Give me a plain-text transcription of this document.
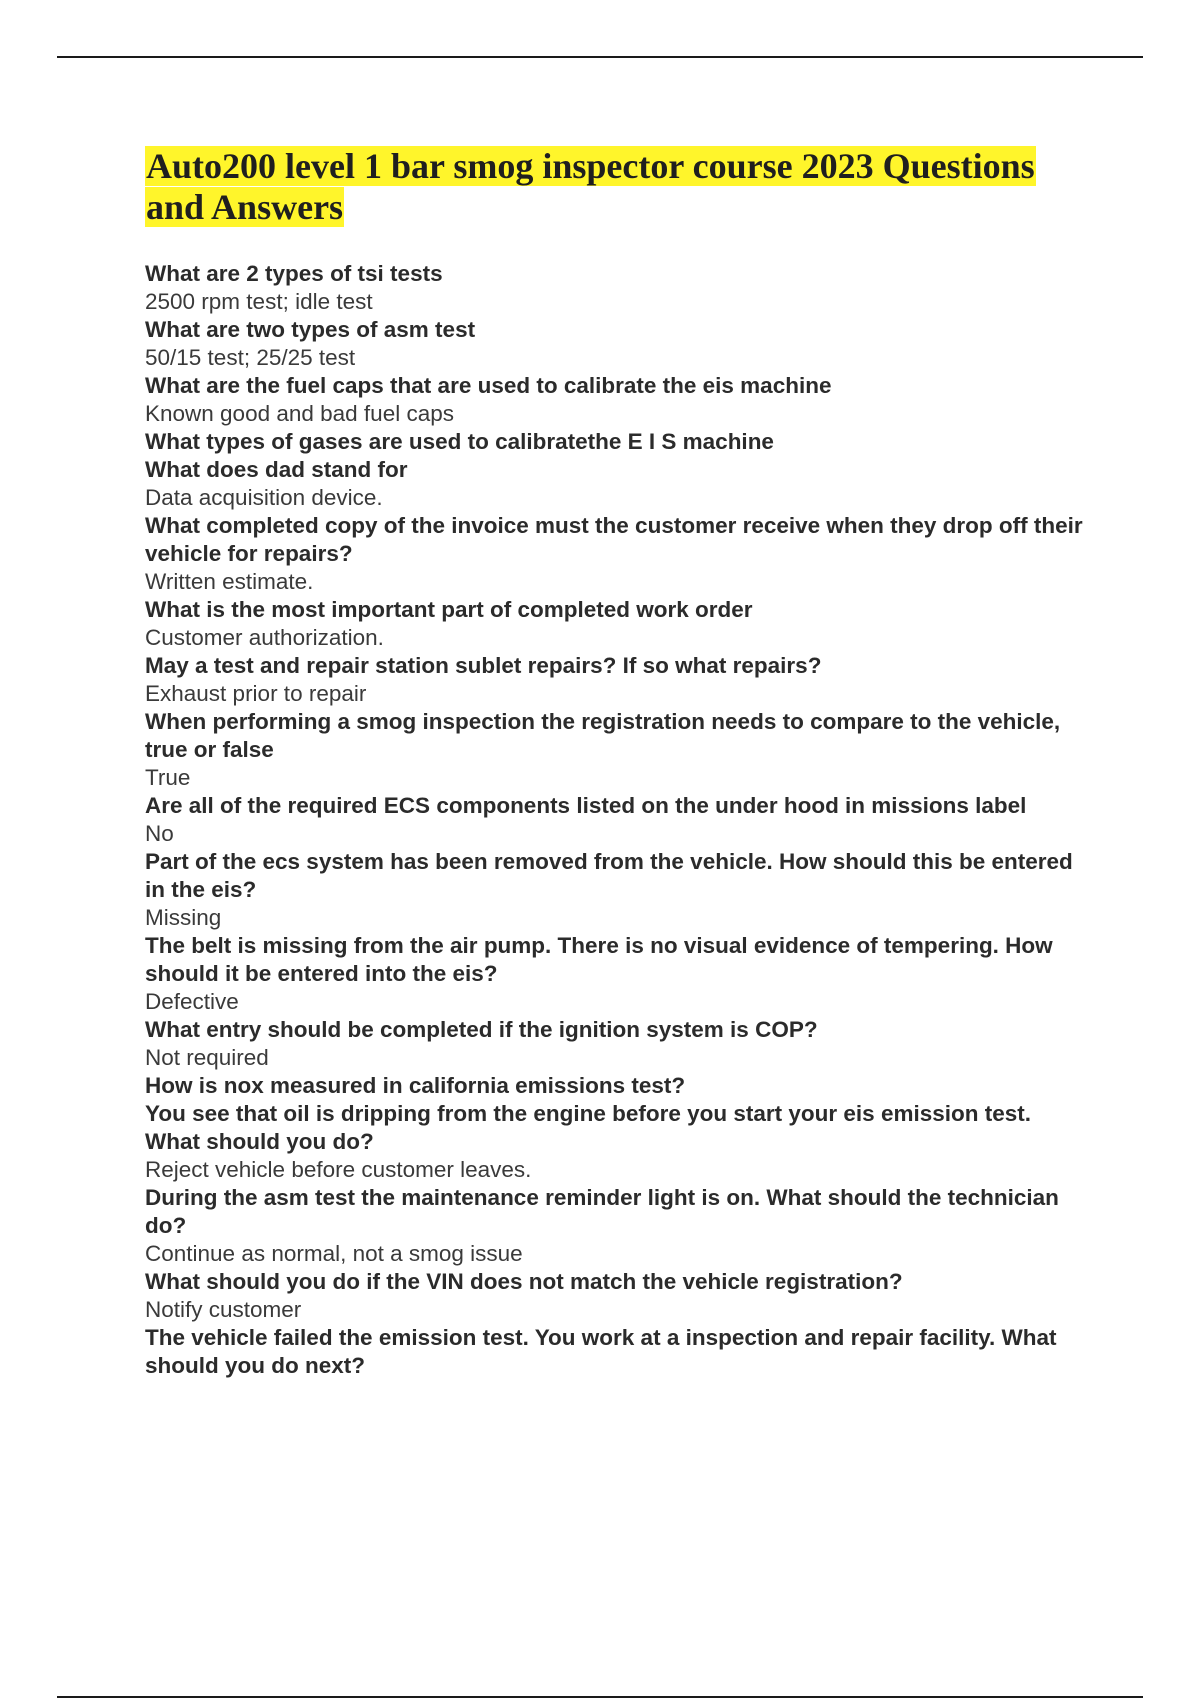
Auto200 level 1 bar smog inspector course 2023 Questions and Answers
What are 2 types of tsi tests
2500 rpm test; idle test
What are two types of asm test
50/15 test; 25/25 test
What are the fuel caps that are used to calibrate the eis machine
Known good and bad fuel caps
What types of gases are used to calibratethe E I S machine
What does dad stand for
Data acquisition device.
What completed copy of the invoice must the customer receive when they drop off their vehicle for repairs?
Written estimate.
What is the most important part of completed work order
Customer authorization.
May a test and repair station sublet repairs? If so what repairs?
Exhaust prior to repair
When performing a smog inspection the registration needs to compare to the vehicle, true or false
True
Are all of the required ECS components listed on the under hood in missions label
No
Part of the ecs system has been removed from the vehicle. How should this be entered in the eis?
Missing
The belt is missing from the air pump. There is no visual evidence of tempering. How should it be entered into the eis?
Defective
What entry should be completed if the ignition system is COP?
Not required
How is nox measured in california emissions test?
You see that oil is dripping from the engine before you start your eis emission test. What should you do?
Reject vehicle before customer leaves.
During the asm test the maintenance reminder light is on. What should the technician do?
Continue as normal, not a smog issue
What should you do if the VIN does not match the vehicle registration?
Notify customer
The vehicle failed the emission test. You work at a inspection and repair facility. What should you do next?
